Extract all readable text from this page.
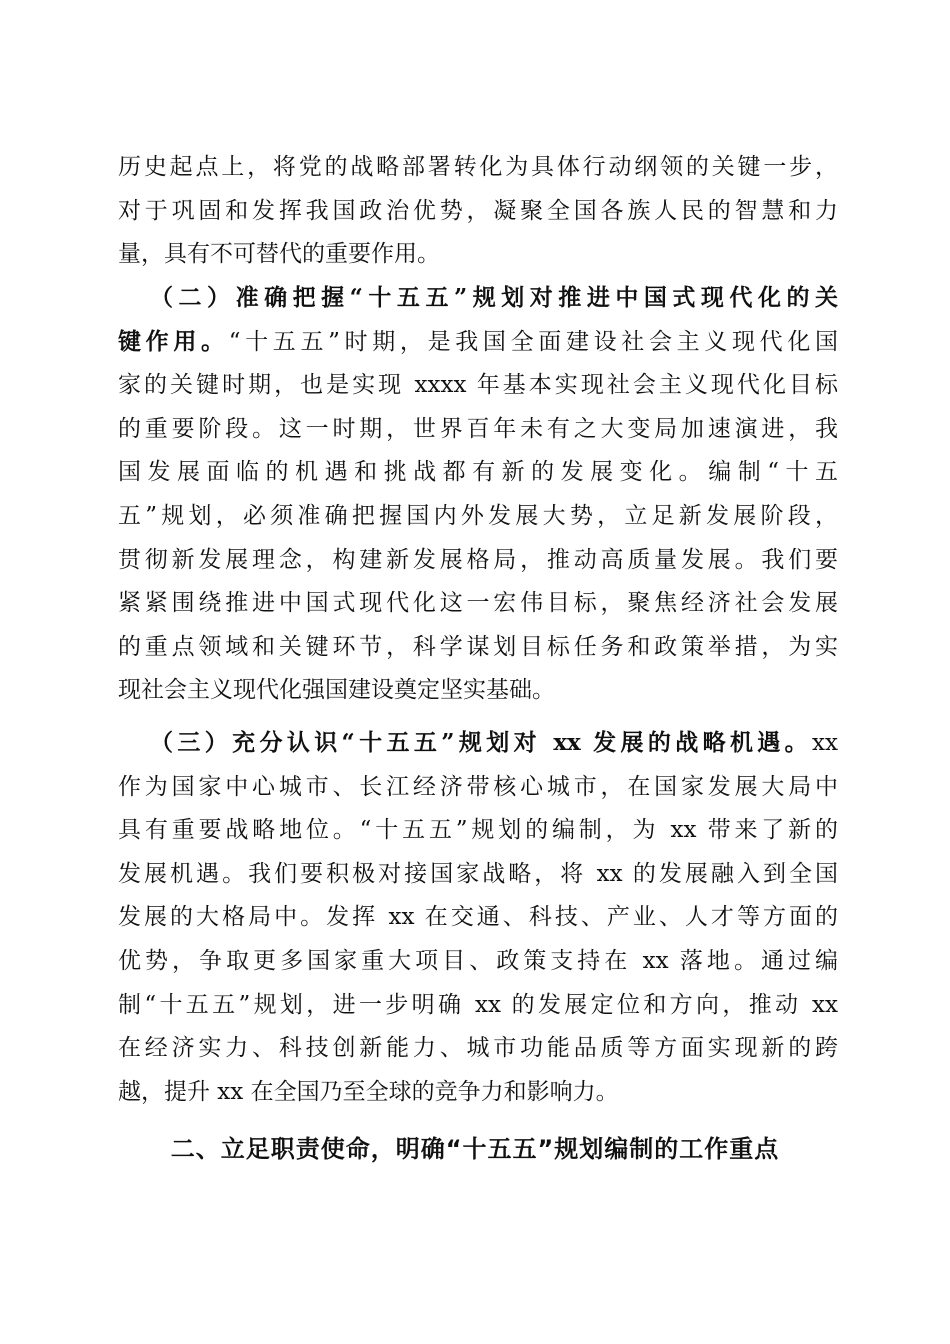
历史起点上，将党的战略部署转化为具体行动纲领的关键一步，
对于巩固和发挥我国政治优势，凝聚全国各族人民的智慧和力
量，具有不可替代的重要作用。
（二）准确把握“十五五”规划对推进中国式现代化的关
键作用。“十五五”时期，是我国全面建设社会主义现代化国
家的关键时期，也是实现 xxxx 年基本实现社会主义现代化目标
的重要阶段。这一时期，世界百年未有之大变局加速演进，我
国发展面临的机遇和挑战都有新的发展变化。编制“十五
五”规划，必须准确把握国内外发展大势，立足新发展阶段，
贯彻新发展理念，构建新发展格局，推动高质量发展。我们要
紧紧围绕推进中国式现代化这一宏伟目标，聚焦经济社会发展
的重点领域和关键环节，科学谋划目标任务和政策举措，为实
现社会主义现代化强国建设奠定坚实基础。
（三）充分认识“十五五”规划对 xx 发展的战略机遇。xx
作为国家中心城市、长江经济带核心城市，在国家发展大局中
具有重要战略地位。“十五五”规划的编制，为 xx 带来了新的
发展机遇。我们要积极对接国家战略，将 xx 的发展融入到全国
发展的大格局中。发挥 xx 在交通、科技、产业、人才等方面的
优势，争取更多国家重大项目、政策支持在 xx 落地。通过编
制“十五五”规划，进一步明确 xx 的发展定位和方向，推动 xx
在经济实力、科技创新能力、城市功能品质等方面实现新的跨
越，提升 xx 在全国乃至全球的竞争力和影响力。
二、立足职责使命，明确“十五五”规划编制的工作重点
